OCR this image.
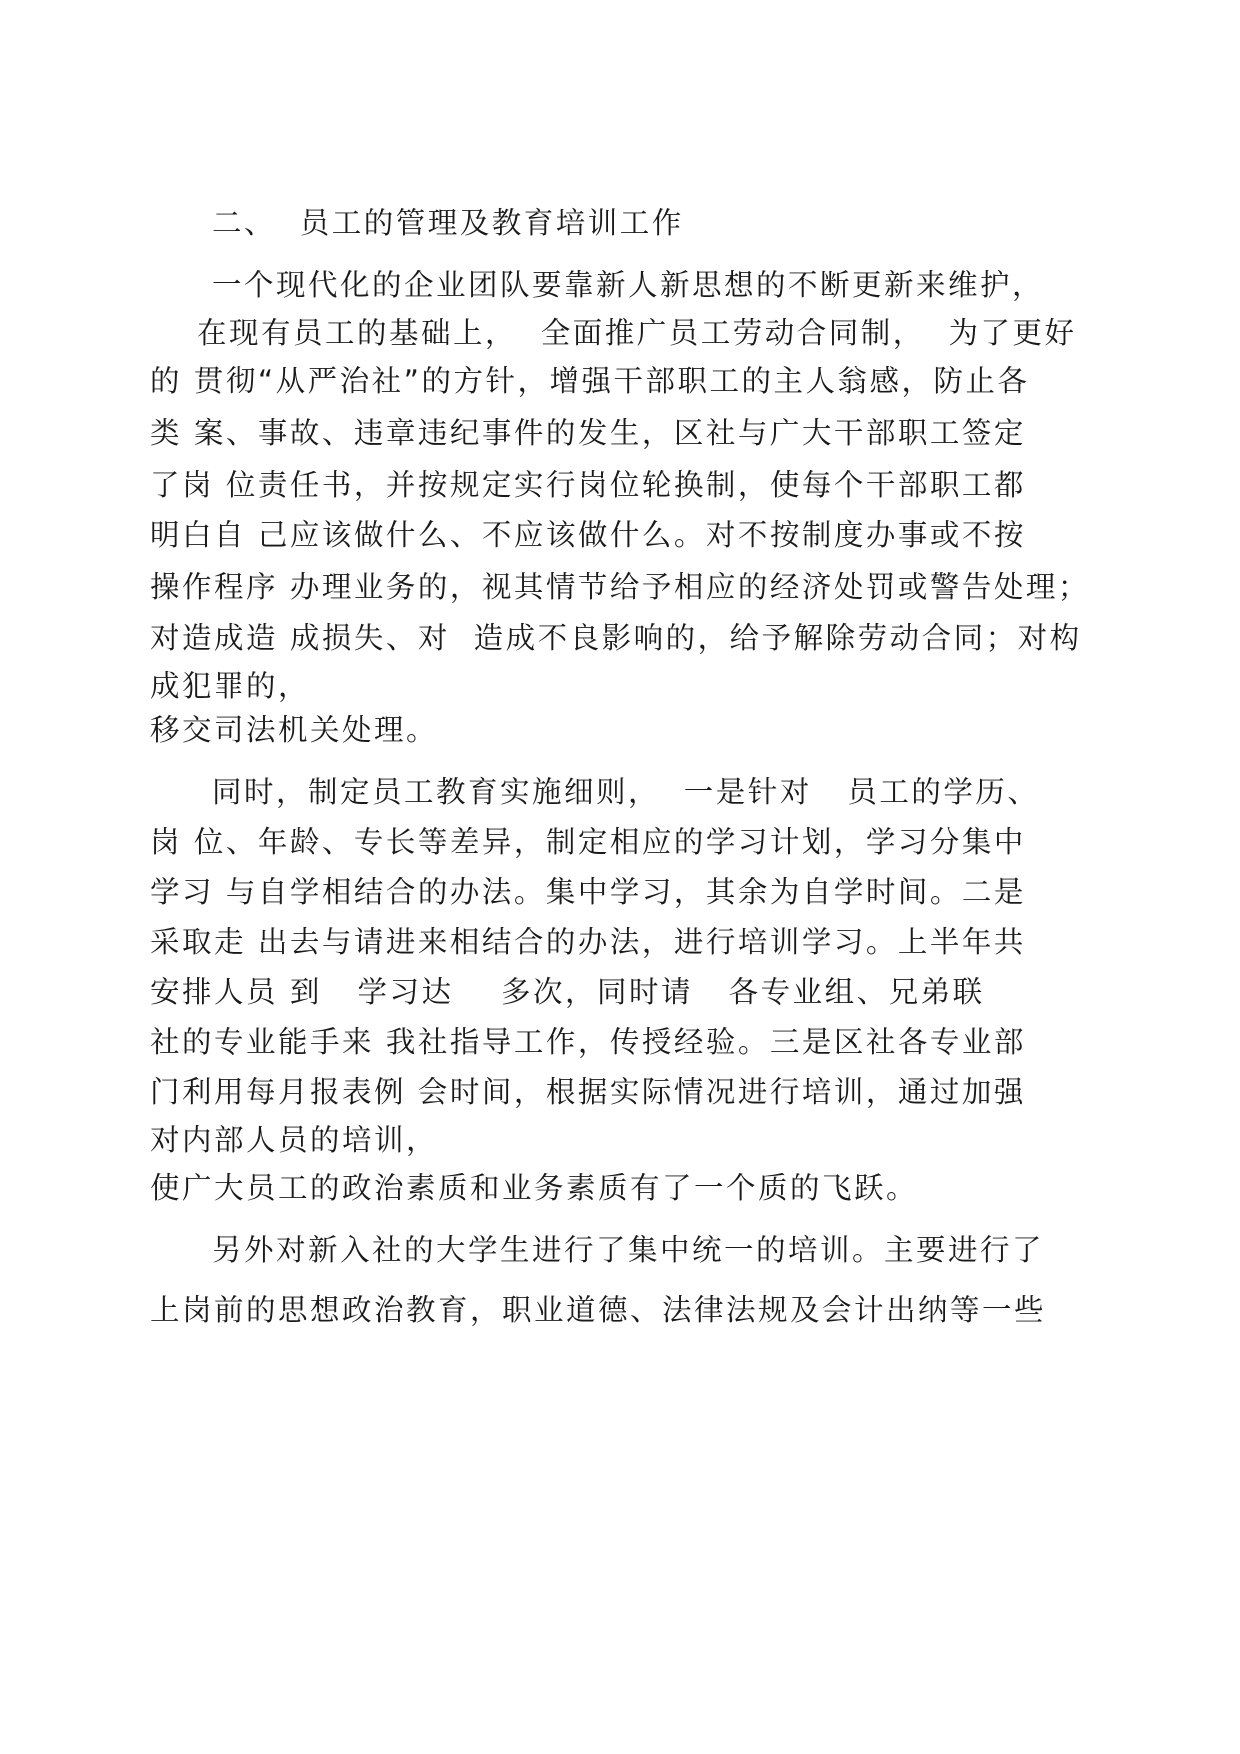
二、  员工的管理及教育培训工作

一个现代化的企业团队要靠新人新思想的不断更新来维护，

在现有员工的基础上，  全面推广员工劳动合同制，  为了更好

的 贯彻“从严治社”的方针，增强干部职工的主人翁感，防止各

类 案、事故、违章违纪事件的发生，区社与广大干部职工签定

了岗 位责任书，并按规定实行岗位轮换制，使每个干部职工都

明白自 己应该做什么、不应该做什么。对不按制度办事或不按

操作程序 办理业务的，视其情节给予相应的经济处罚或警告处理；

对造成造 成损失、对  造成不良影响的，给予解除劳动合同；对构

成犯罪的，

移交司法机关处理。

同时，制定员工教育实施细则，  一是针对   员工的学历、

岗 位、年龄、专长等差异，制定相应的学习计划，学习分集中

学习 与自学相结合的办法。集中学习，其余为自学时间。二是

采取走 出去与请进来相结合的办法，进行培训学习。上半年共

安排人员 到   学习达    多次，同时请   各专业组、兄弟联

社的专业能手来 我社指导工作，传授经验。三是区社各专业部

门利用每月报表例 会时间，根据实际情况进行培训，通过加强

对内部人员的培训，

使广大员工的政治素质和业务素质有了一个质的飞跃。

另外对新入社的大学生进行了集中统一的培训。主要进行了

上岗前的思想政治教育，职业道德、法律法规及会计出纳等一些
